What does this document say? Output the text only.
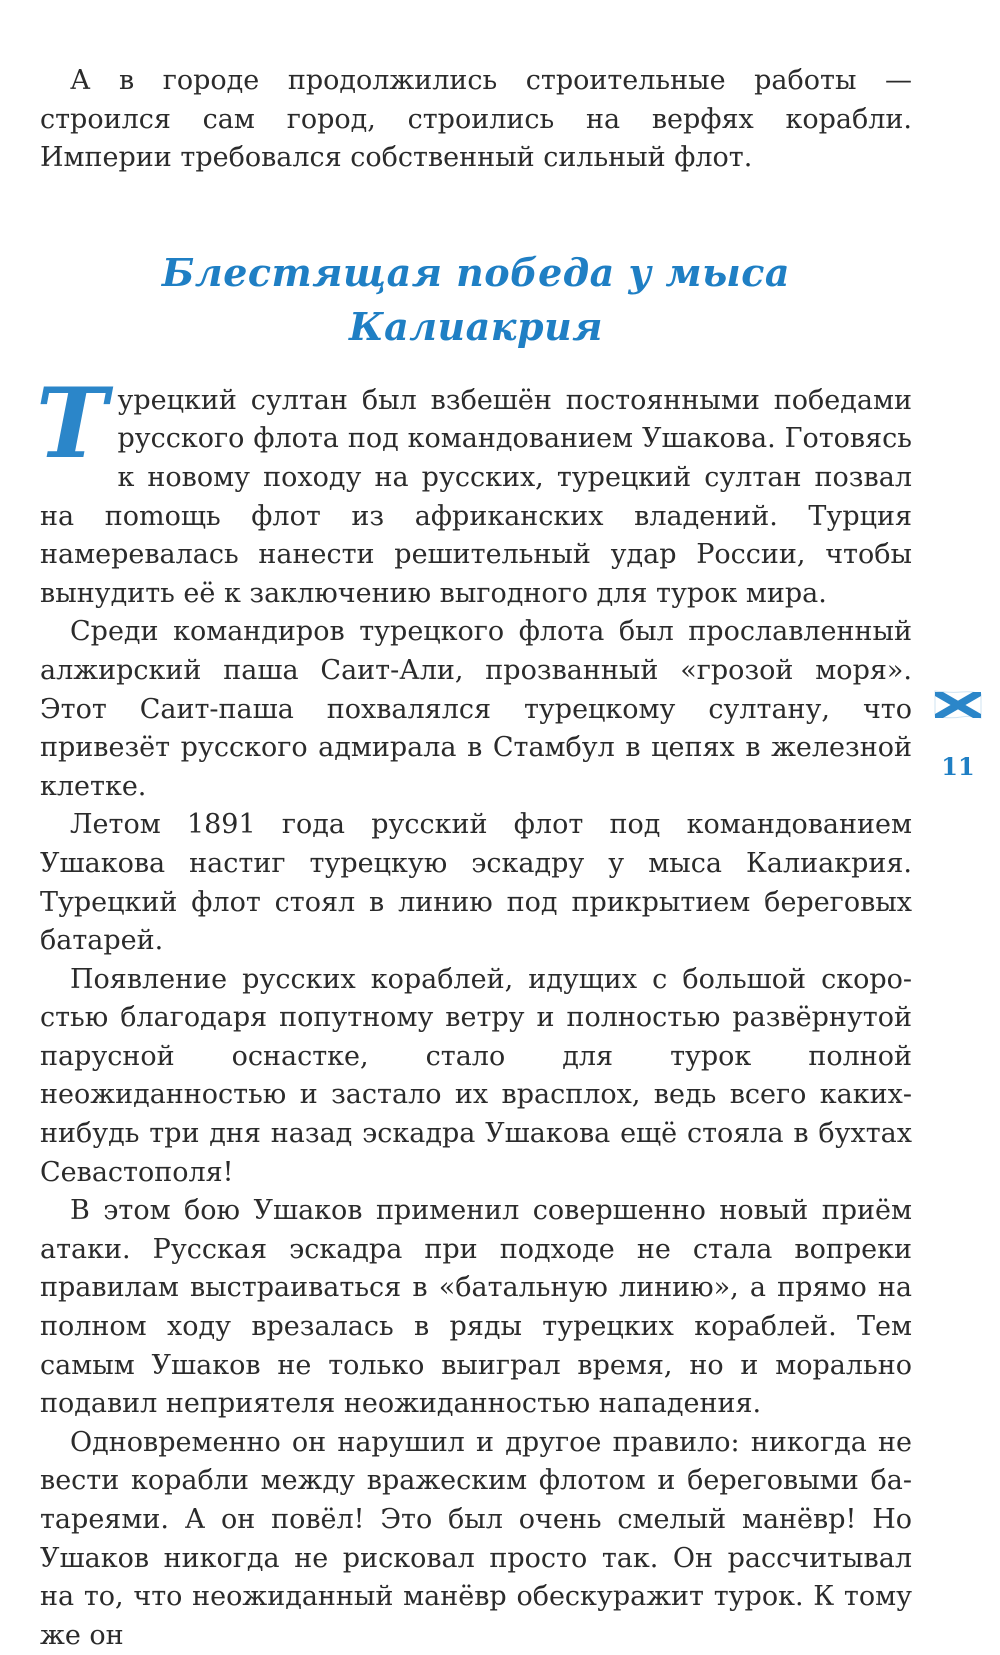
А в городе продолжились строительные работы — строился сам город, строились на верфях корабли. Империи требовался собственный сильный флот.

Блестящая победа у мыса Калиакрия

Турецкий султан был взбешён постоянными победами русского флота под командованием Ушакова. Готовясь к новому походу на русских, турецкий султан позвал на поmощь флот из африканских владений. Турция намеревалась нанести решительный удар России, чтобы вынудить её к заключению выгодного для турок мира.

Среди командиров турецкого флота был прославленный алжирский паша Саит-Али, прозванный «грозой моря». Этот Саит-паша похвалялся турецкому султану, что привезёт русского адмирала в Стамбул в цепях в железной клетке.

Летом 1891 года русский флот под командованием Ушакова настиг турецкую эскадру у мыса Калиакрия. Турецкий флот стоял в линию под прикрытием береговых батарей.

Появление русских кораблей, идущих с большой скоростью благодаря попутному ветру и полностью развёрнутой парусной оснастке, стало для турок полной неожиданностью и застало их врасплох, ведь всего каких-нибудь три дня назад эскадра Ушакова ещё стояла в бухтах Севастополя!

В этом бою Ушаков применил совершенно новый приём атаки. Русская эскадра при подходе не стала вопреки правилам выстраиваться в «батальную линию», а прямо на полном ходу врезалась в ряды турецких кораблей. Тем самым Ушаков не только выиграл время, но и морально подавил неприятеля неожиданностью нападения.

Одновременно он нарушил и другое правило: никогда не вести корабли между вражеским флотом и береговыми батареями. А он повёл! Это был очень смелый манёвр! Но Ушаков никогда не рисковал просто так. Он рассчитывал на то, что неожиданный манёвр обескуражит турок. К тому же он

11
